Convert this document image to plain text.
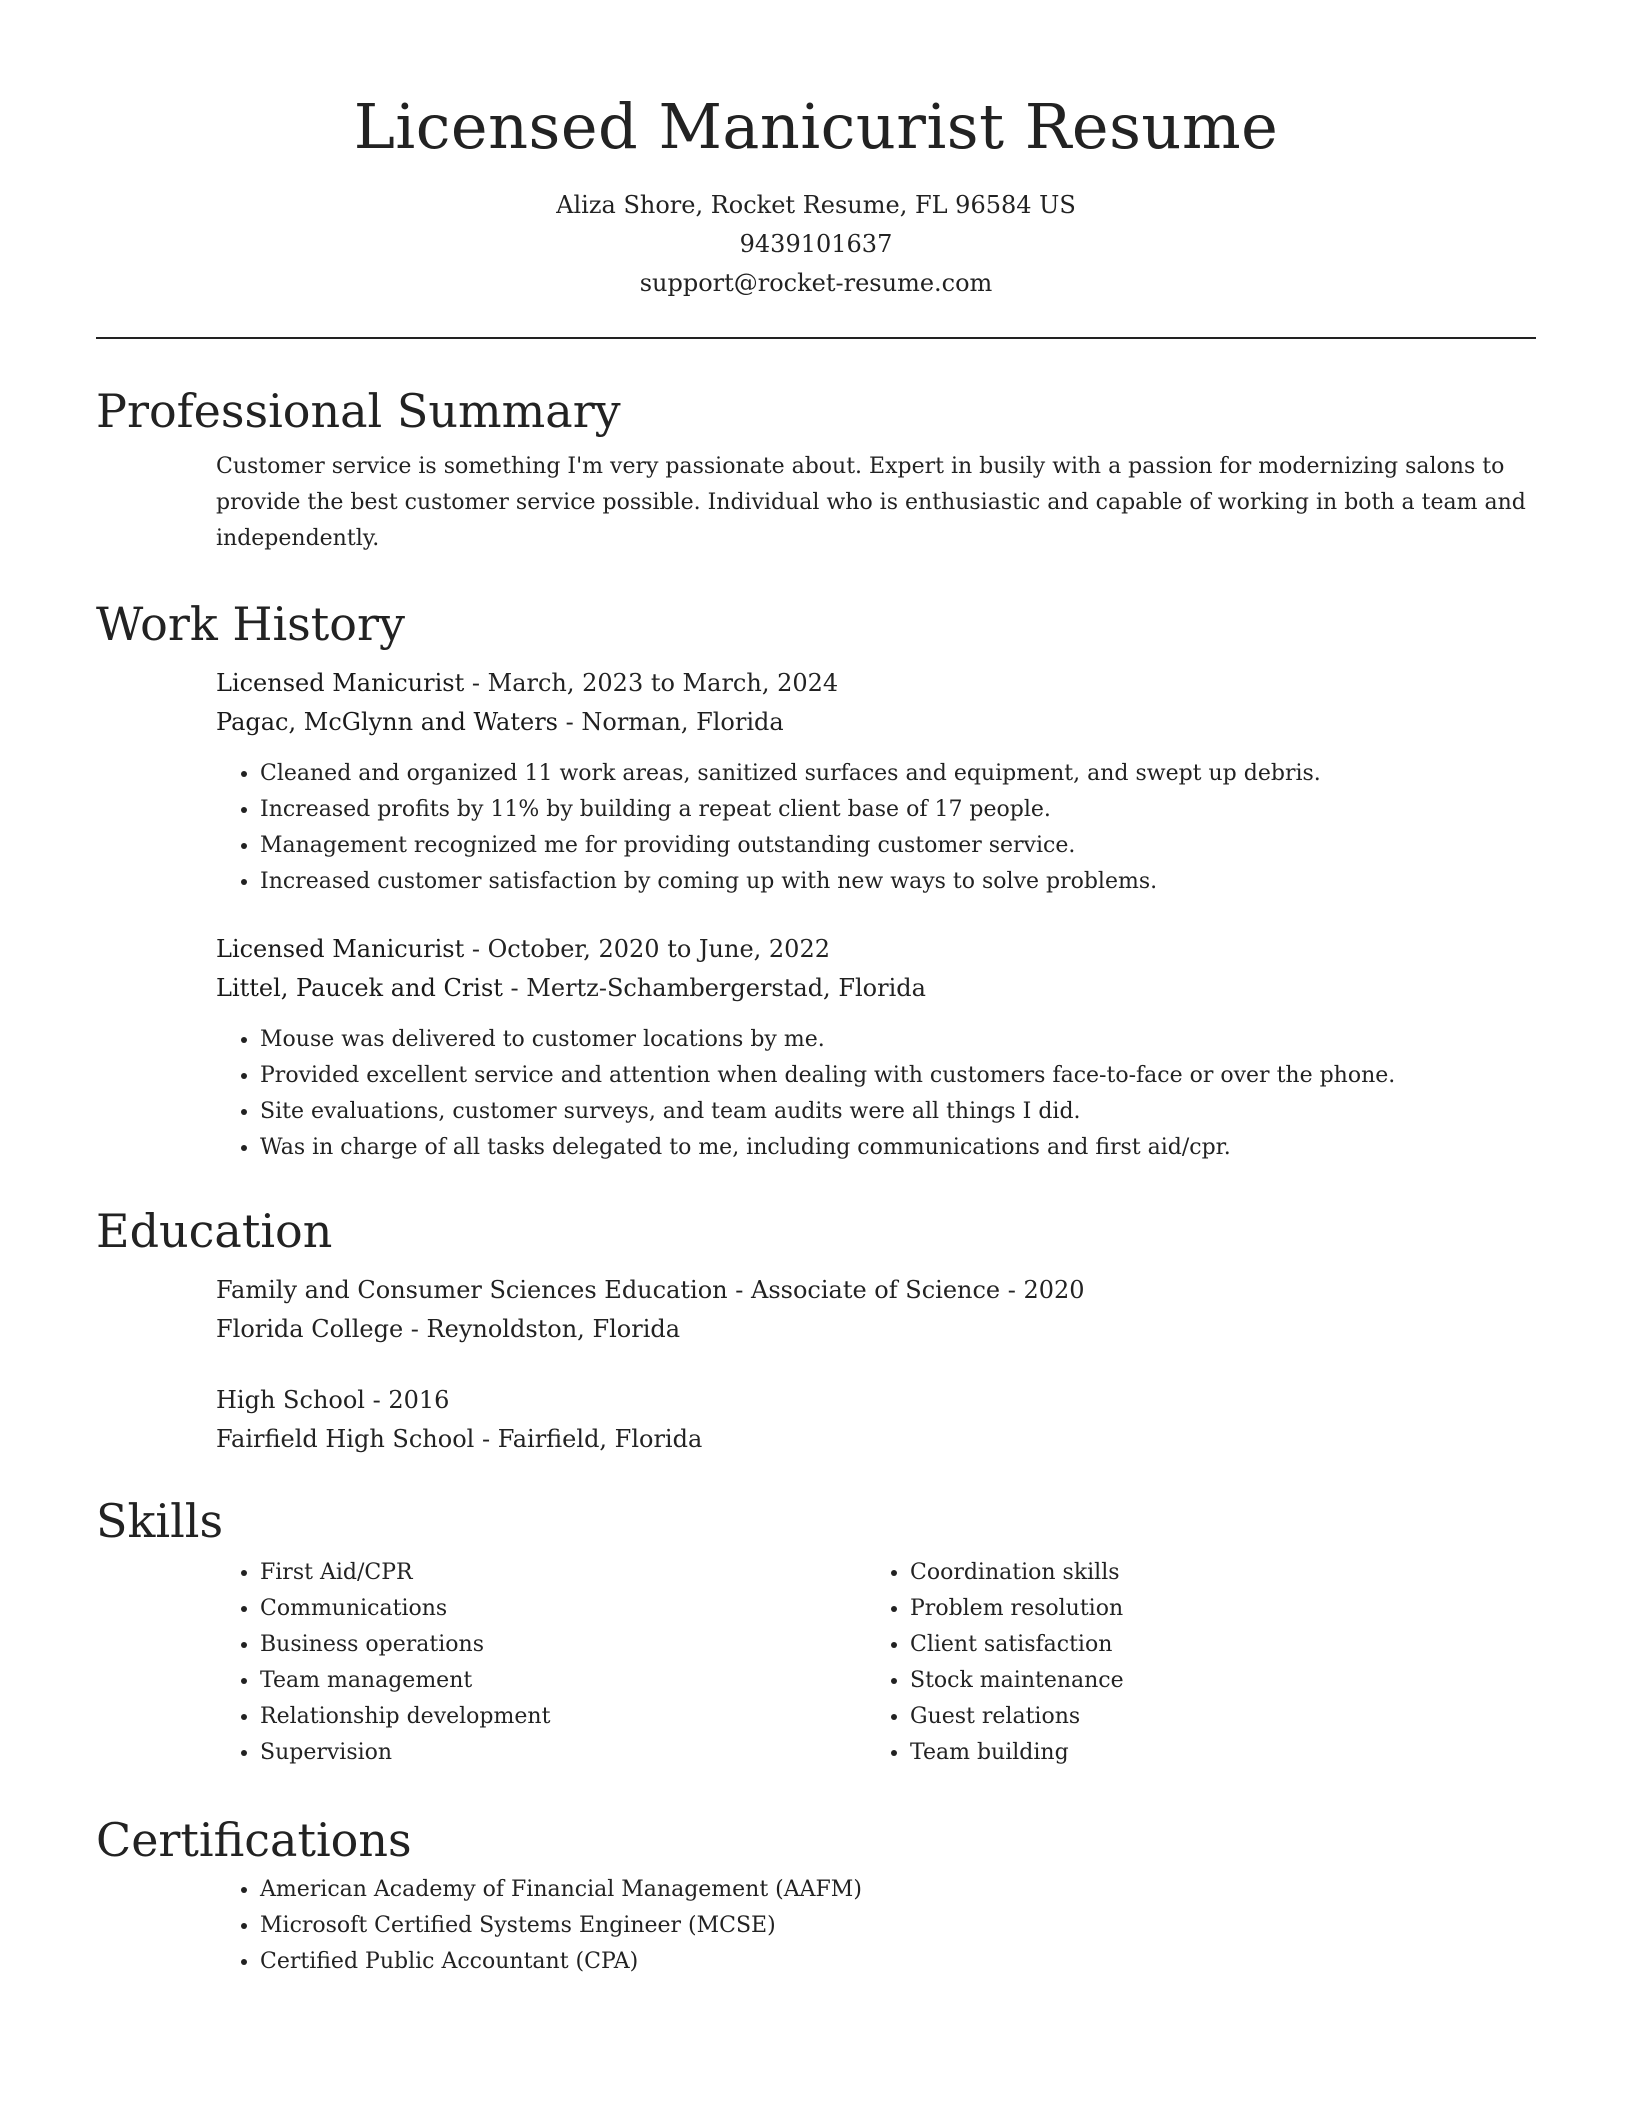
Licensed Manicurist Resume
Aliza Shore, Rocket Resume, FL 96584 US
9439101637
support@rocket-resume.com
Professional Summary

Customer service is something I'm very passionate about. Expert in busily with a passion for modernizing salons to provide the best customer service possible. Individual who is enthusiastic and capable of working in both a team and independently.

Work History
Licensed Manicurist - March, 2023 to March, 2024
Pagac, McGlynn and Waters - Norman, Florida
• Cleaned and organized 11 work areas, sanitized surfaces and equipment, and swept up debris.
• Increased profits by 11% by building a repeat client base of 17 people.
• Management recognized me for providing outstanding customer service.
• Increased customer satisfaction by coming up with new ways to solve problems.
Licensed Manicurist - October, 2020 to June, 2022
Littel, Paucek and Crist - Mertz-Schambergerstad, Florida
• Mouse was delivered to customer locations by me.
• Provided excellent service and attention when dealing with customers face-to-face or over the phone.
• Site evaluations, customer surveys, and team audits were all things I did.
• Was in charge of all tasks delegated to me, including communications and first aid/cpr.
Education
Family and Consumer Sciences Education - Associate of Science - 2020
Florida College - Reynoldston, Florida
High School - 2016
Fairfield High School - Fairfield, Florida
Skills
• First Aid/CPR
• Communications
• Business operations
• Team management
• Relationship development
• Supervision
• Coordination skills
• Problem resolution
• Client satisfaction
• Stock maintenance
• Guest relations
• Team building
Certifications
• American Academy of Financial Management (AAFM)
• Microsoft Certified Systems Engineer (MCSE)
• Certified Public Accountant (CPA)
